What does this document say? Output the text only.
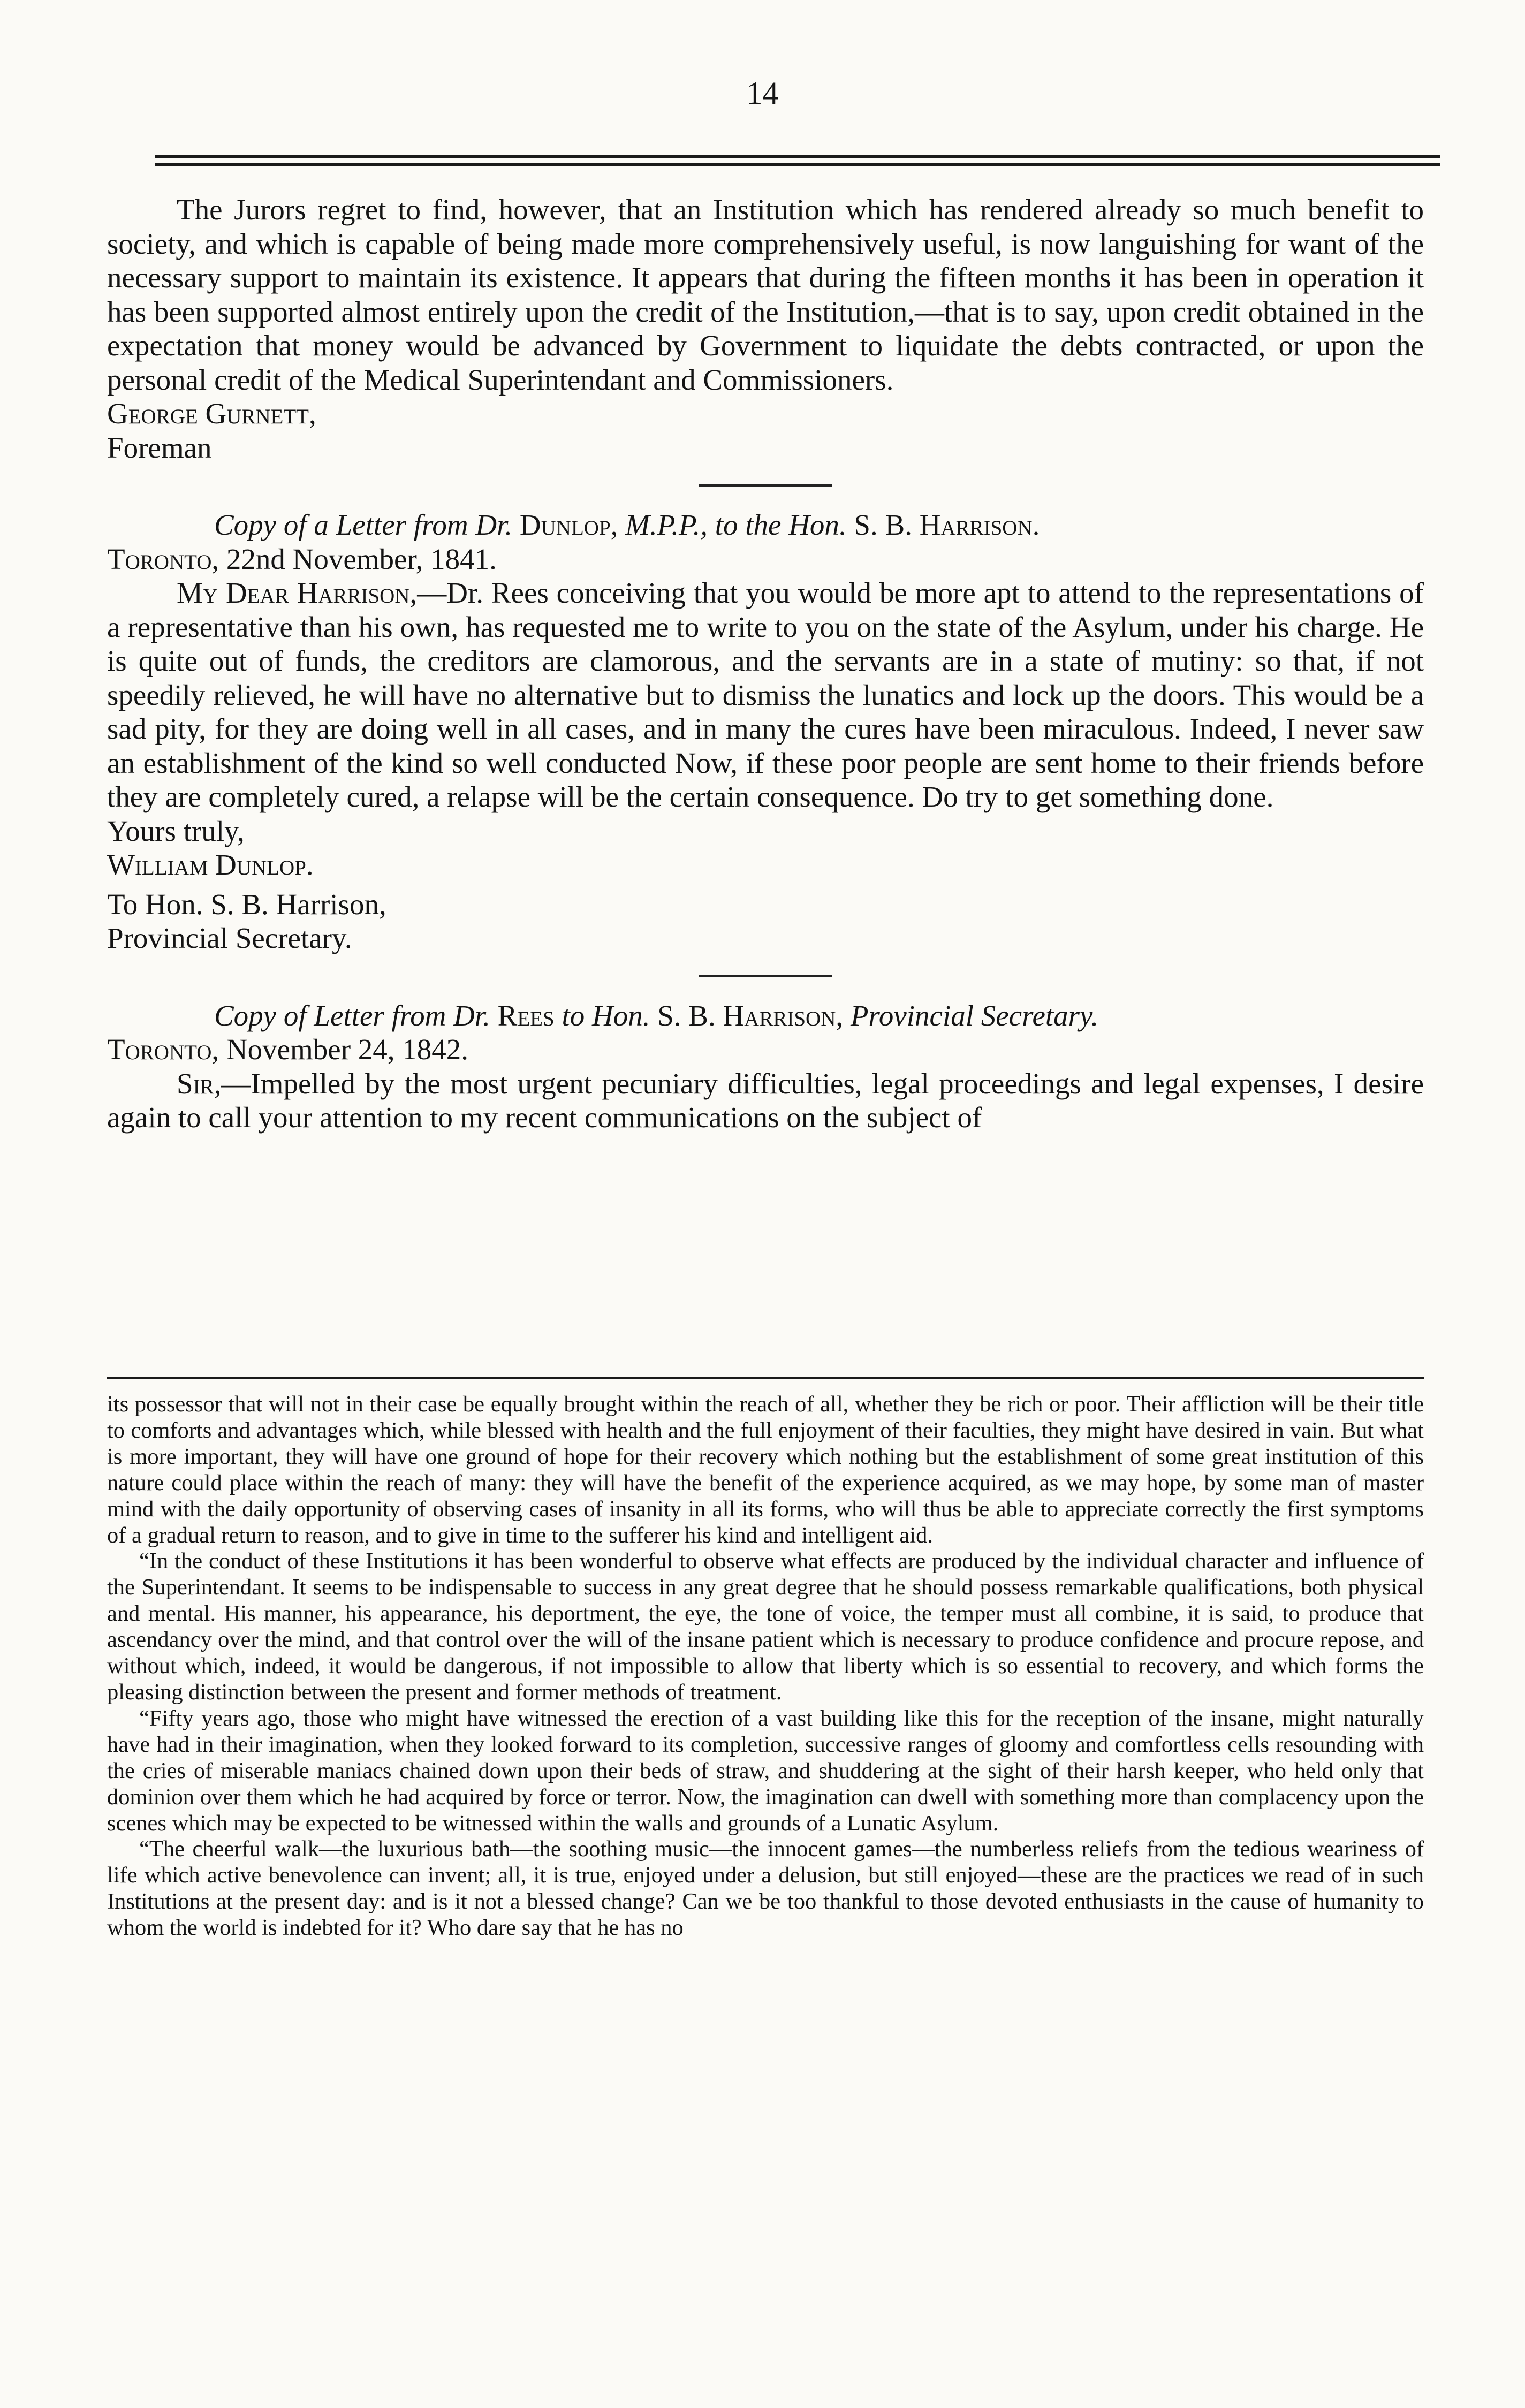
14

The Jurors regret to find, however, that an Institution which has rendered already so much benefit to society, and which is capable of being made more comprehensively useful, is now languishing for want of the necessary support to maintain its existence. It appears that during the fifteen months it has been in operation it has been supported almost entirely upon the credit of the Institution,—that is to say, upon credit obtained in the expectation that money would be advanced by Government to liquidate the debts contracted, or upon the personal credit of the Medical Superintendant and Commissioners.

George Gurnett,

Foreman

Copy of a Letter from Dr. Dunlop, M.P.P., to the Hon. S. B. Harrison.

Toronto, 22nd November, 1841.

My Dear Harrison,—Dr. Rees conceiving that you would be more apt to attend to the representations of a representative than his own, has requested me to write to you on the state of the Asylum, under his charge. He is quite out of funds, the creditors are clamorous, and the servants are in a state of mutiny: so that, if not speedily relieved, he will have no alternative but to dismiss the lunatics and lock up the doors. This would be a sad pity, for they are doing well in all cases, and in many the cures have been miraculous. Indeed, I never saw an establishment of the kind so well conducted Now, if these poor people are sent home to their friends before they are completely cured, a relapse will be the certain consequence. Do try to get something done.

Yours truly,

William Dunlop.

To Hon. S. B. Harrison,

Provincial Secretary.

Copy of Letter from Dr. Rees to Hon. S. B. Harrison, Provincial Secretary.

Toronto, November 24, 1842.

Sir,—Impelled by the most urgent pecuniary difficulties, legal proceedings and legal expenses, I desire again to call your attention to my recent communications on the subject of

its possessor that will not in their case be equally brought within the reach of all, whether they be rich or poor. Their affliction will be their title to comforts and advantages which, while blessed with health and the full enjoyment of their faculties, they might have desired in vain. But what is more important, they will have one ground of hope for their recovery which nothing but the establishment of some great institution of this nature could place within the reach of many: they will have the benefit of the experience acquired, as we may hope, by some man of master mind with the daily opportunity of observing cases of insanity in all its forms, who will thus be able to appreciate correctly the first symptoms of a gradual return to reason, and to give in time to the sufferer his kind and intelligent aid.

“In the conduct of these Institutions it has been wonderful to observe what effects are produced by the individual character and influence of the Superintendant. It seems to be indispensable to success in any great degree that he should possess remarkable qualifications, both physical and mental. His manner, his appearance, his deportment, the eye, the tone of voice, the temper must all combine, it is said, to produce that ascendancy over the mind, and that control over the will of the insane patient which is necessary to produce confidence and procure repose, and without which, indeed, it would be dangerous, if not impossible to allow that liberty which is so essential to recovery, and which forms the pleasing distinction between the present and former methods of treatment.

“Fifty years ago, those who might have witnessed the erection of a vast building like this for the reception of the insane, might naturally have had in their imagination, when they looked forward to its completion, successive ranges of gloomy and comfortless cells resounding with the cries of miserable maniacs chained down upon their beds of straw, and shuddering at the sight of their harsh keeper, who held only that dominion over them which he had acquired by force or terror. Now, the imagination can dwell with something more than complacency upon the scenes which may be expected to be witnessed within the walls and grounds of a Lunatic Asylum.

“The cheerful walk—the luxurious bath—the soothing music—the innocent games—the numberless reliefs from the tedious weariness of life which active benevolence can invent; all, it is true, enjoyed under a delusion, but still enjoyed—these are the practices we read of in such Institutions at the present day: and is it not a blessed change? Can we be too thankful to those devoted enthusiasts in the cause of humanity to whom the world is indebted for it? Who dare say that he has no
